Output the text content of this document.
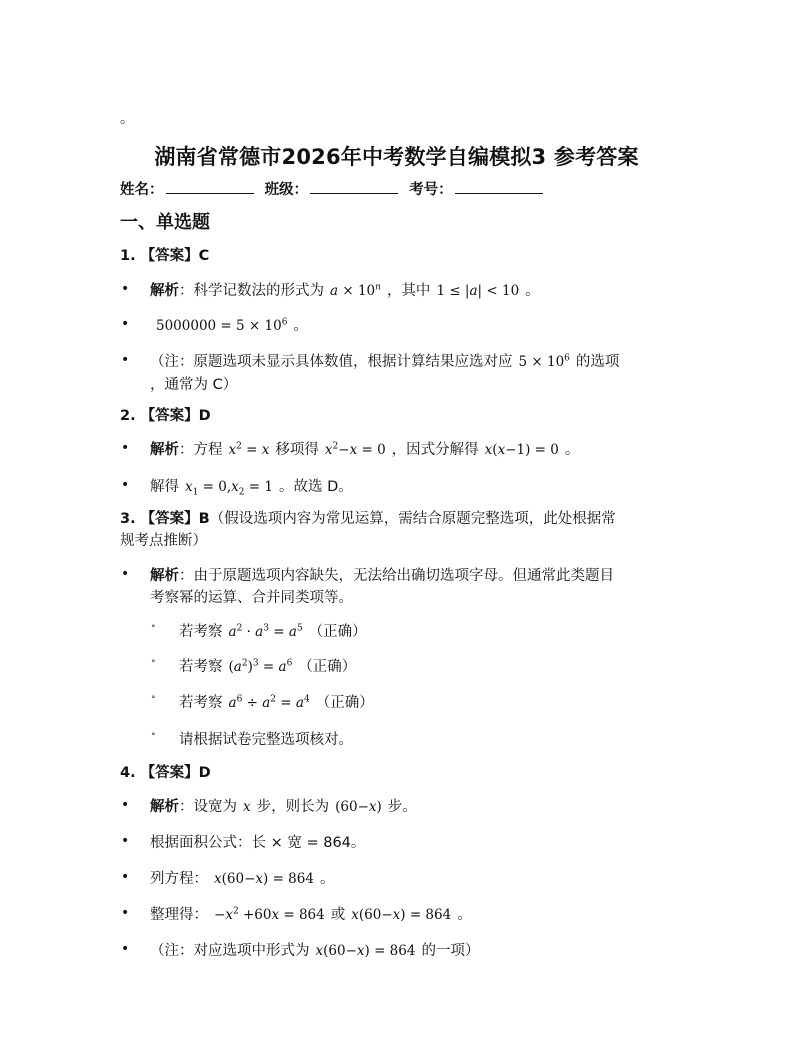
。
湖南省常德市2026年中考数学自编模拟3 参考答案
姓名：	班级：	考号：
一、单选题
1. 【答案】C
• 解析：科学记数法的形式为 $a \times 10^n$ ，其中 1 ≤ |a| < 10 。
•	$5000000 = 5 \times 10^6$ 。
• （注：原题选项未显示具体数值，根据计算结果应选对应 $5 \times 10^6$ 的选项
，通常为 C）
2. 【答案】D
• 解析：方程 $x^2 = x$ 移项得 $x^2-x = 0$ ，因式分解得 x(x−1) = 0 。
• 解得 $x_1 = 0,x_2 = 1$ 。故选 D。
3. 【答案】B（假设选项内容为常见运算，需结合原题完整选项，此处根据常
规考点推断）
• 解析：由于原题选项内容缺失，无法给出确切选项字母。但通常此类题目
考察幂的运算、合并同类项等。
° 若考察 $a^2 \cdot a^3 = a^5$ （正确）
° 若考察 $(a^2)^3 = a^6$ （正确）
° 若考察 $a^6 \div a^2 = a^4$ （正确）
° 请根据试卷完整选项核对。
4. 【答案】D
• 解析：设宽为 x 步，则长为 (60−x) 步。
• 根据面积公式：长 × 宽 = 864。
• 列方程： x(60−x) = 864 。
• 整理得： $-x^2 +60x = 864$ 或 x(60−x) = 864 。
• （注：对应选项中形式为 x(60−x) = 864 的一项）
